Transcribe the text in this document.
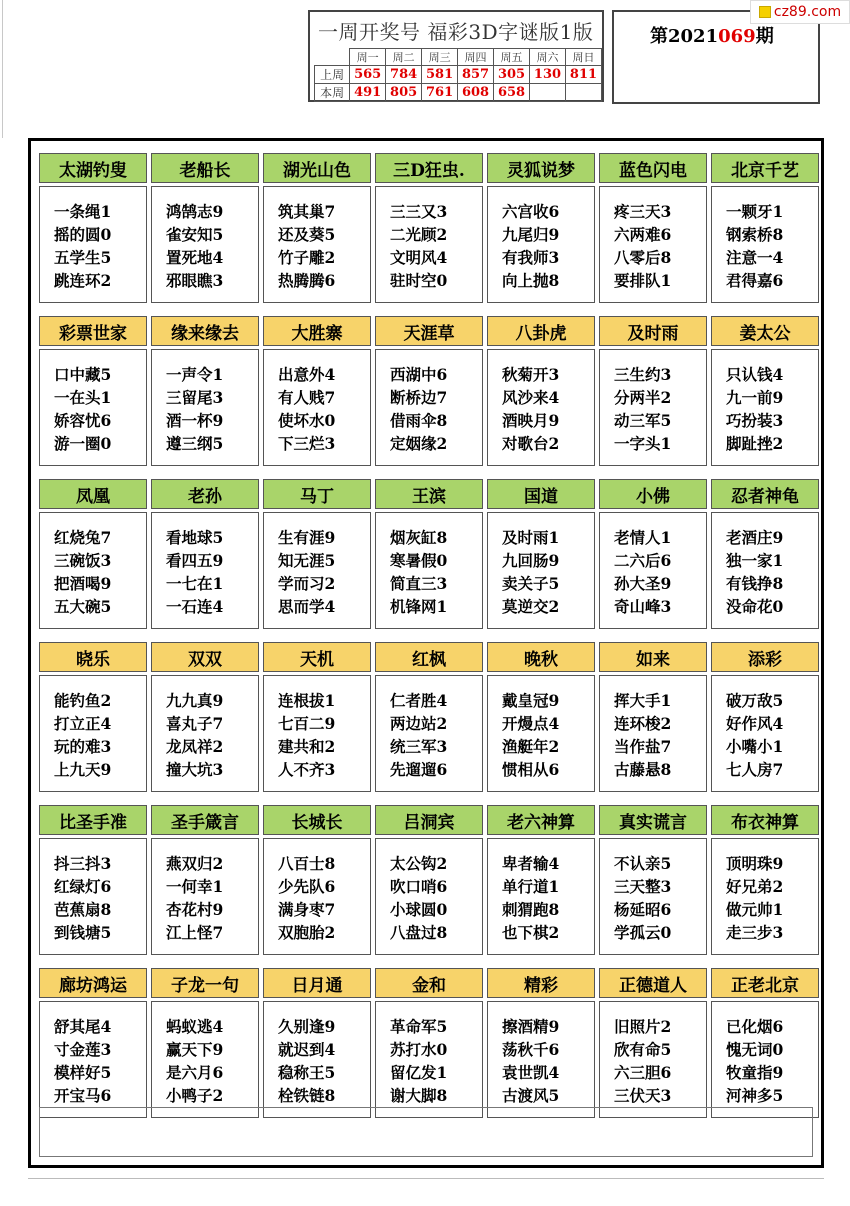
一周开奖号 福彩3D字谜版1版
	周一	周二	周三	周四	周五	周六	周日
上周	565	784	581	857	305	130	811
本周	491	805	761	608	658		
第2021069期
cz89.com
太湖钓叟
一条绳1
摇的圆0
五学生5
跳连环2
老船长
鸿鹄志9
雀安知5
置死地4
邪眼瞧3
湖光山色
筑其巢7
还及葵5
竹子雕2
热腾腾6
三D狂虫.
三三又3
二光顾2
文明风4
驻时空0
灵狐说梦
六宫收6
九尾归9
有我师3
向上抛8
蓝色闪电
疼三天3
六两难6
八零后8
要排队1
北京千艺
一颗牙1
钢索桥8
注意一4
君得嘉6
彩票世家
口中藏5
一在头1
娇容忧6
游一圈0
缘来缘去
一声令1
三留尾3
酒一杯9
遵三纲5
大胜寨
出意外4
有人贱7
使坏水0
下三烂3
天涯草
西湖中6
断桥边7
借雨伞8
定姻缘2
八卦虎
秋菊开3
风沙来4
酒映月9
对歌台2
及时雨
三生约3
分两半2
动三军5
一字头1
姜太公
只认钱4
九一前9
巧扮装3
脚趾挫2
凤凰
红烧兔7
三碗饭3
把酒喝9
五大碗5
老孙
看地球5
看四五9
一七在1
一石连4
马丁
生有涯9
知无涯5
学而习2
思而学4
王滨
烟灰缸8
寒暑假0
简直三3
机锋网1
国道
及时雨1
九回肠9
卖关子5
莫逆交2
小佛
老情人1
二六后6
孙大圣9
奇山峰3
忍者神龟
老酒庄9
独一家1
有钱挣8
没命花0
晓乐
能钓鱼2
打立正4
玩的难3
上九天9
双双
九九真9
喜丸子7
龙凤祥2
撞大坑3
天机
连根拔1
七百二9
建共和2
人不齐3
红枫
仁者胜4
两边站2
统三军3
先遛遛6
晚秋
戴皇冠9
开熳点4
渔艇年2
惯相从6
如来
挥大手1
连环梭2
当作盐7
古藤悬8
添彩
破万敌5
好作风4
小嘴小1
七人房7
比圣手准
抖三抖3
红绿灯6
芭蕉扇8
到钱塘5
圣手箴言
燕双归2
一何幸1
杏花村9
江上怪7
长城长
八百士8
少先队6
满身枣7
双胞胎2
吕洞宾
太公钩2
吹口哨6
小球圆0
八盘过8
老六神算
卑者输4
单行道1
刺猬跑8
也下棋2
真实谎言
不认亲5
三天整3
杨延昭6
学孤云0
布衣神算
顶明珠9
好兄弟2
做元帅1
走三步3
廊坊鸿运
舒其尾4
寸金莲3
模样好5
开宝马6
子龙一句
蚂蚁逃4
赢天下9
是六月6
小鸭子2
日月通
久别逢9
就迟到4
稳称王5
栓铁链8
金和
革命军5
苏打水0
留亿发1
谢大脚8
精彩
擦酒精9
荡秋千6
袁世凯4
古渡风5
正德道人
旧照片2
欣有命5
六三胆6
三伏天3
正老北京
已化烟6
愧无词0
牧童指9
河神多5
